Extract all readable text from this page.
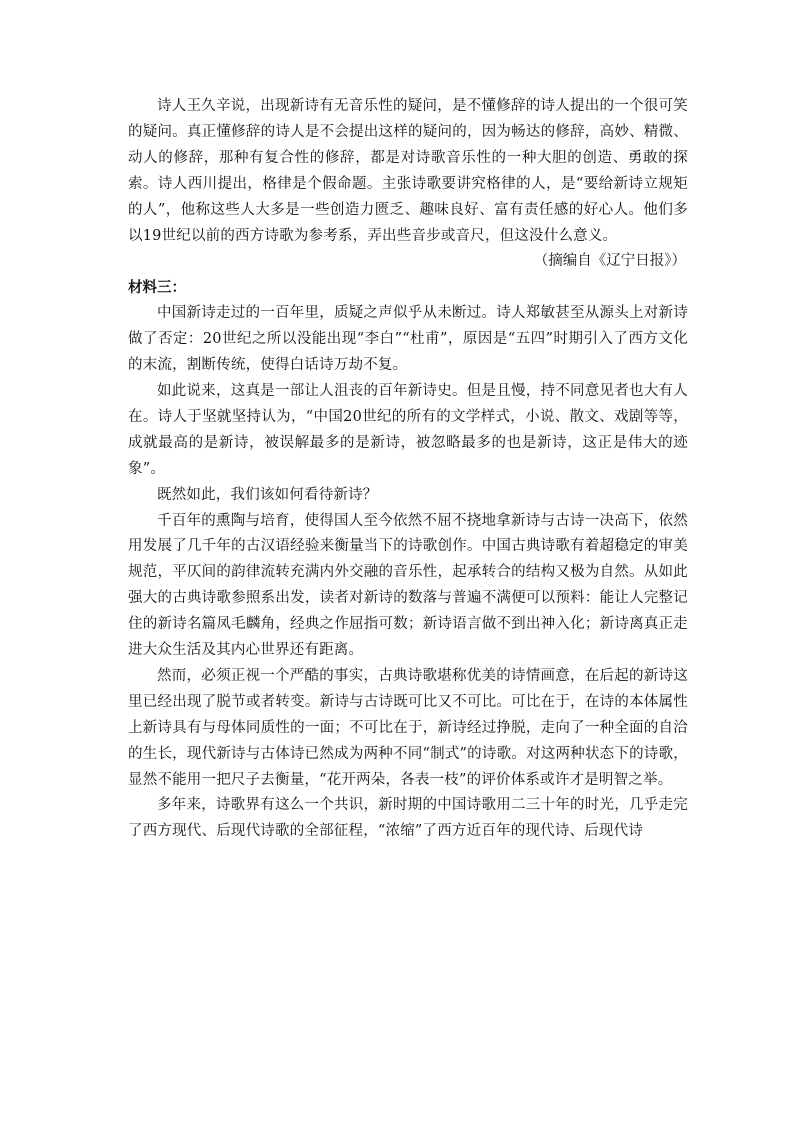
诗人王久辛说，出现新诗有无音乐性的疑问，是不懂修辞的诗人提出的一个很可笑的疑问。真正懂修辞的诗人是不会提出这样的疑问的，因为畅达的修辞，高妙、精微、动人的修辞，那种有复合性的修辞，都是对诗歌音乐性的一种大胆的创造、勇敢的探索。诗人西川提出，格律是个假命题。主张诗歌要讲究格律的人，是“要给新诗立规矩的人”，他称这些人大多是一些创造力匮乏、趣味良好、富有责任感的好心人。他们多以19世纪以前的西方诗歌为参考系，弄出些音步或音尺，但这没什么意义。

（摘编自《辽宁日报》）

材料三：

中国新诗走过的一百年里，质疑之声似乎从未断过。诗人郑敏甚至从源头上对新诗做了否定：20世纪之所以没能出现“李白”“杜甫”，原因是“五四”时期引入了西方文化的末流，割断传统，使得白话诗万劫不复。

如此说来，这真是一部让人沮丧的百年新诗史。但是且慢，持不同意见者也大有人在。诗人于坚就坚持认为，“中国20世纪的所有的文学样式，小说、散文、戏剧等等，成就最高的是新诗，被误解最多的是新诗，被忽略最多的也是新诗，这正是伟大的迹象”。

既然如此，我们该如何看待新诗？

千百年的熏陶与培育，使得国人至今依然不屈不挠地拿新诗与古诗一决高下，依然用发展了几千年的古汉语经验来衡量当下的诗歌创作。中国古典诗歌有着超稳定的审美规范，平仄间的韵律流转充满内外交融的音乐性，起承转合的结构又极为自然。从如此强大的古典诗歌参照系出发，读者对新诗的数落与普遍不满便可以预料：能让人完整记住的新诗名篇凤毛麟角，经典之作屈指可数；新诗语言做不到出神入化；新诗离真正走进大众生活及其内心世界还有距离。

然而，必须正视一个严酷的事实，古典诗歌堪称优美的诗情画意，在后起的新诗这里已经出现了脱节或者转变。新诗与古诗既可比又不可比。可比在于，在诗的本体属性上新诗具有与母体同质性的一面；不可比在于，新诗经过挣脱，走向了一种全面的自洽的生长，现代新诗与古体诗已然成为两种不同“制式”的诗歌。对这两种状态下的诗歌，显然不能用一把尺子去衡量，“花开两朵，各表一枝”的评价体系或许才是明智之举。

多年来，诗歌界有这么一个共识，新时期的中国诗歌用二三十年的时光，几乎走完了西方现代、后现代诗歌的全部征程，“浓缩”了西方近百年的现代诗、后现代诗
